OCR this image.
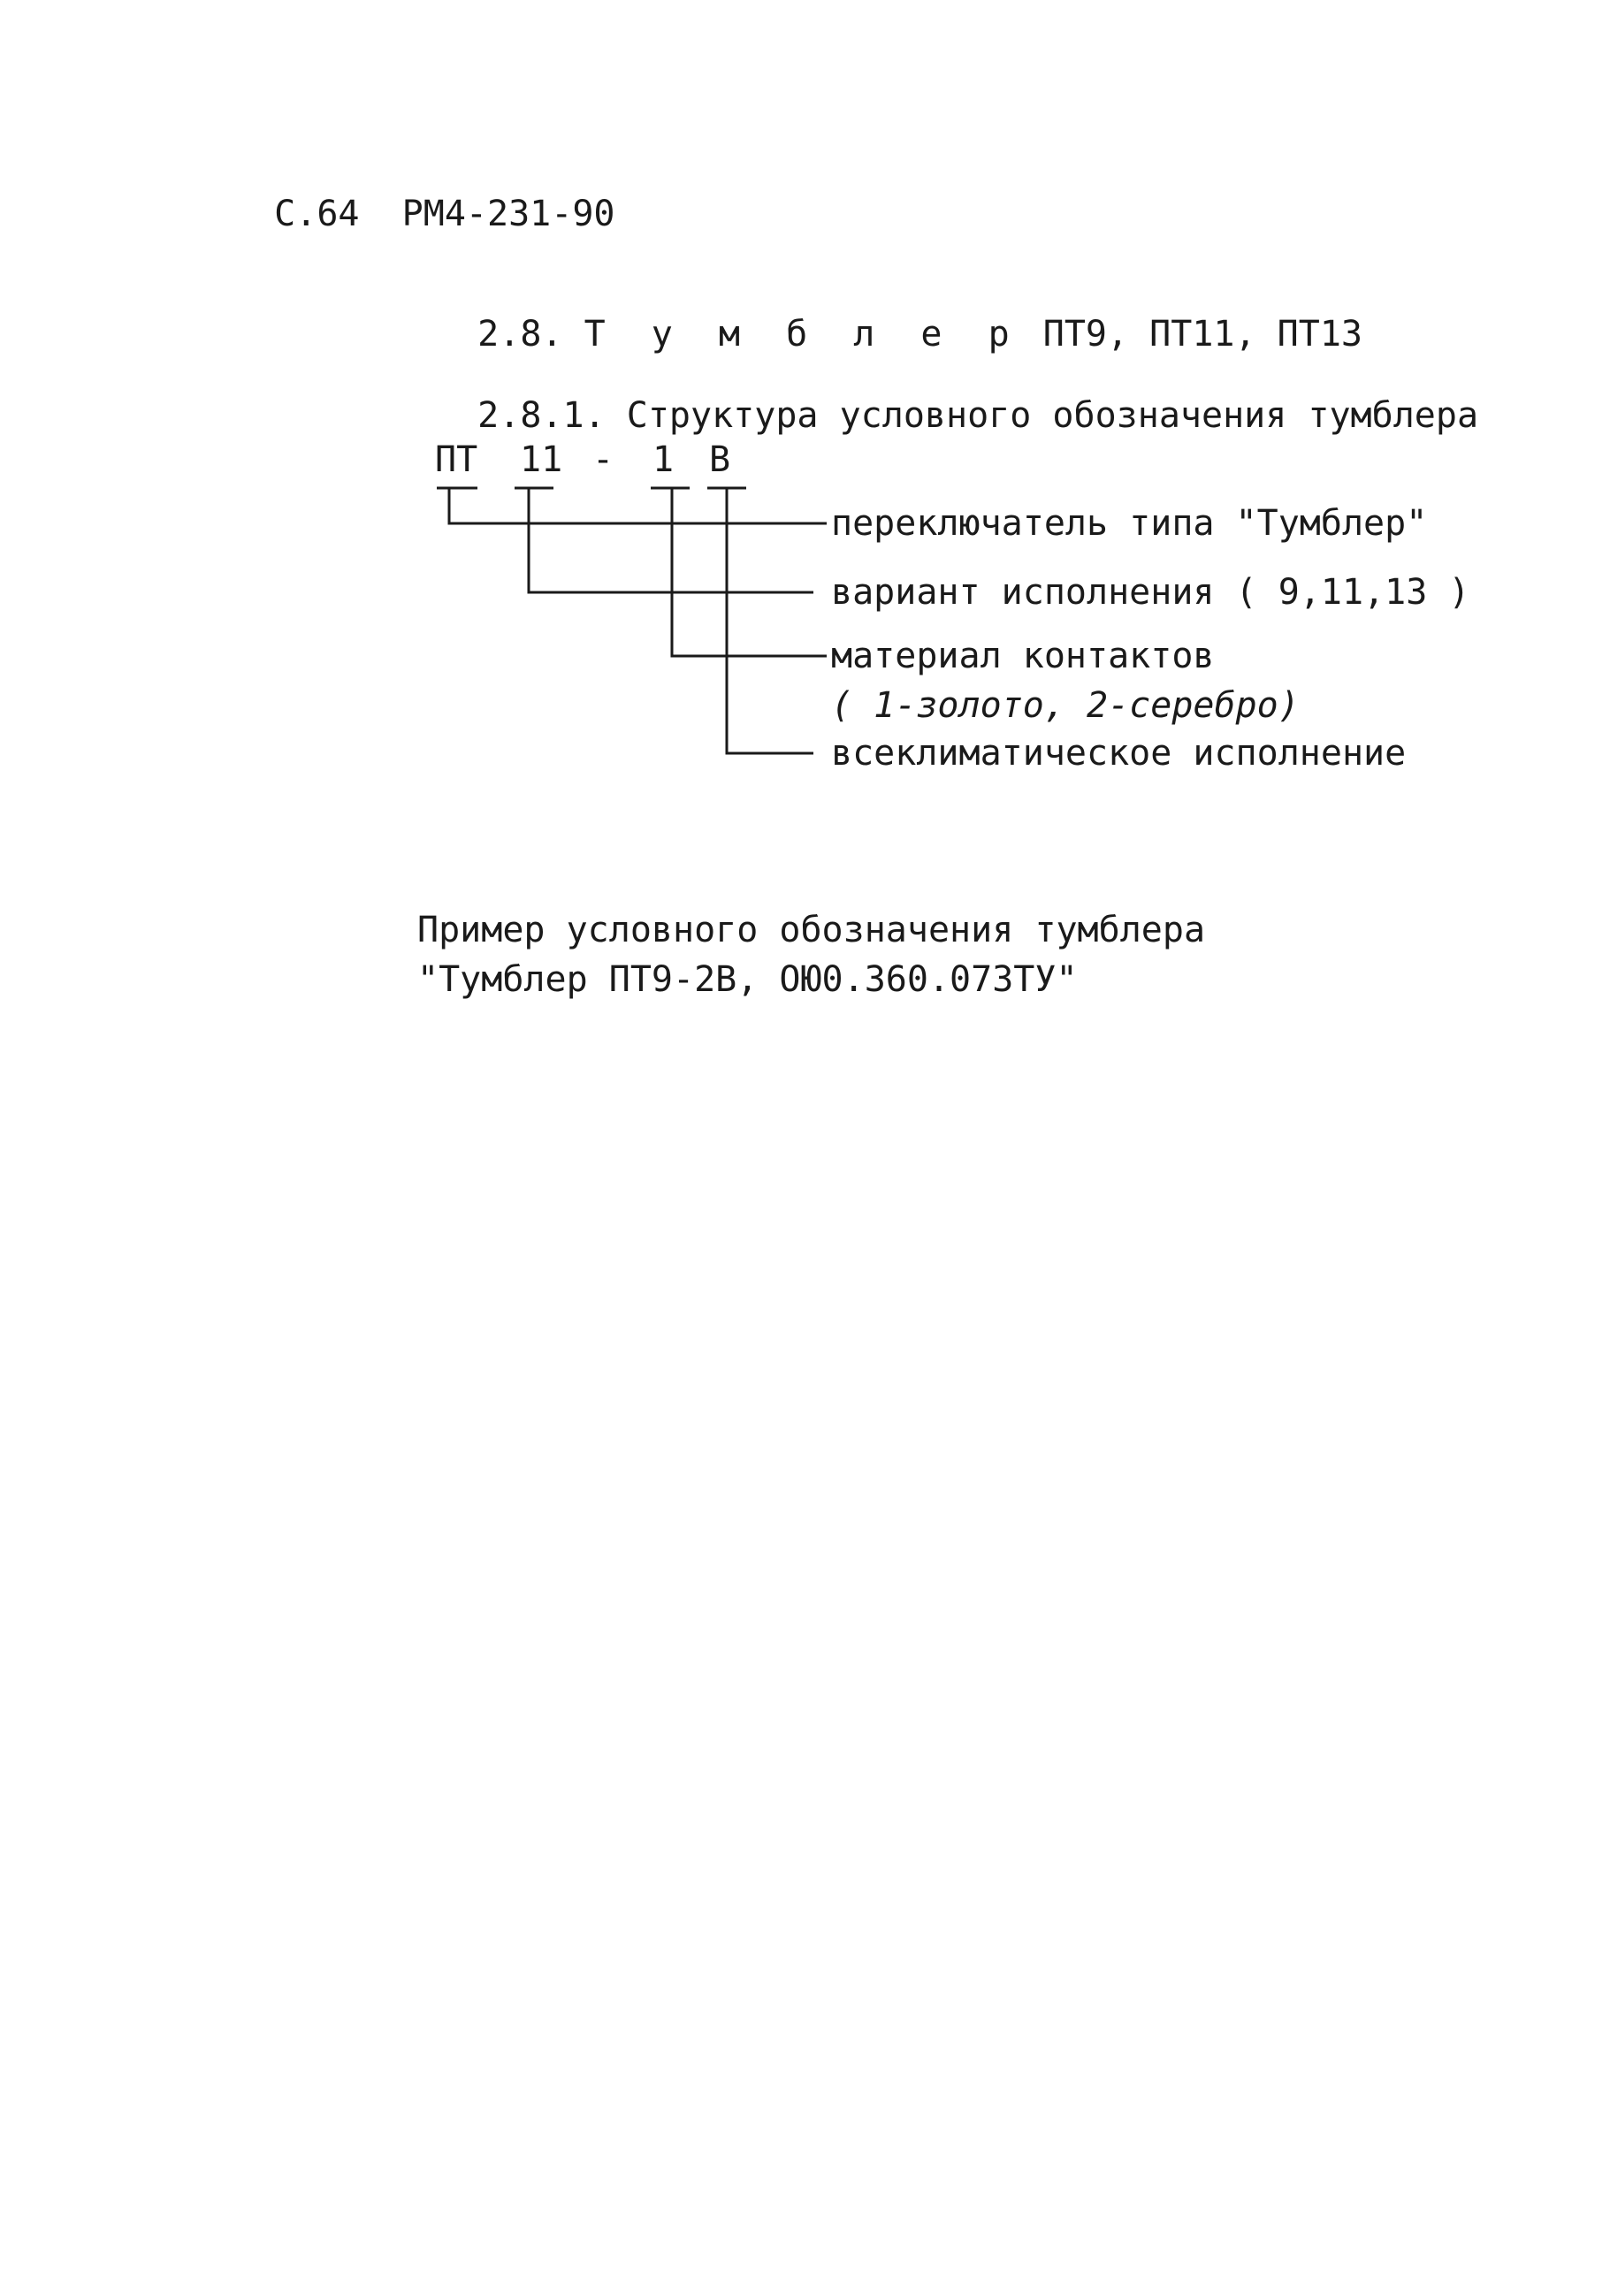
С.64 РМ4-231-90

2.8. Т у м б л е р ПТ9, ПТ11, ПТ13

2.8.1. Структура условного обозначения тумблера

ПТ

11

-

1

В

переключатель типа "Тумблер"
вариант исполнения ( 9,11,13 )
материал контактов
( 1-золото, 2-серебро)
всеклиматическое исполнение
Пример условного обозначения тумблера
"Тумблер ПТ9-2В, ОЮ0.360.073ТУ"
